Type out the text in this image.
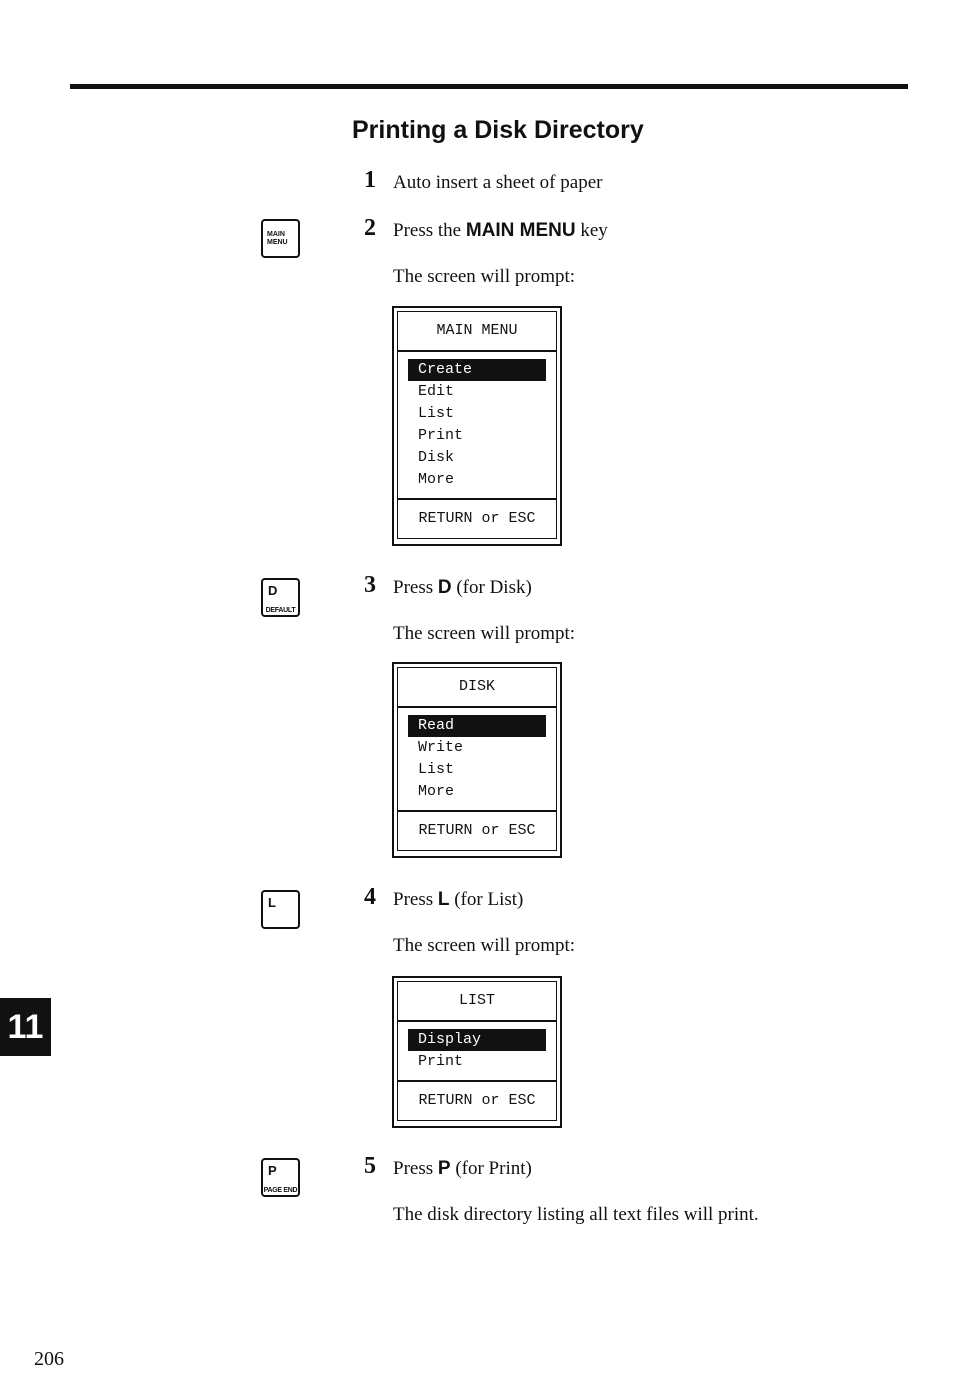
Printing a Disk Directory
1 Auto insert a sheet of paper
MAIN
MENU
2 Press the MAIN MENU key
The screen will prompt:
MAIN MENU
Create
Edit
List
Print
Disk
More
RETURN or ESC
D
DEFAULT
3 Press D (for Disk)
The screen will prompt:
DISK
Read
Write
List
More
RETURN or ESC
L	4 Press L (for List)
The screen will prompt:
LIST
Display
Print
RETURN or ESC
P
PAGE END
5 Press P (for Print)
The disk directory listing all text files will print.
11
206
